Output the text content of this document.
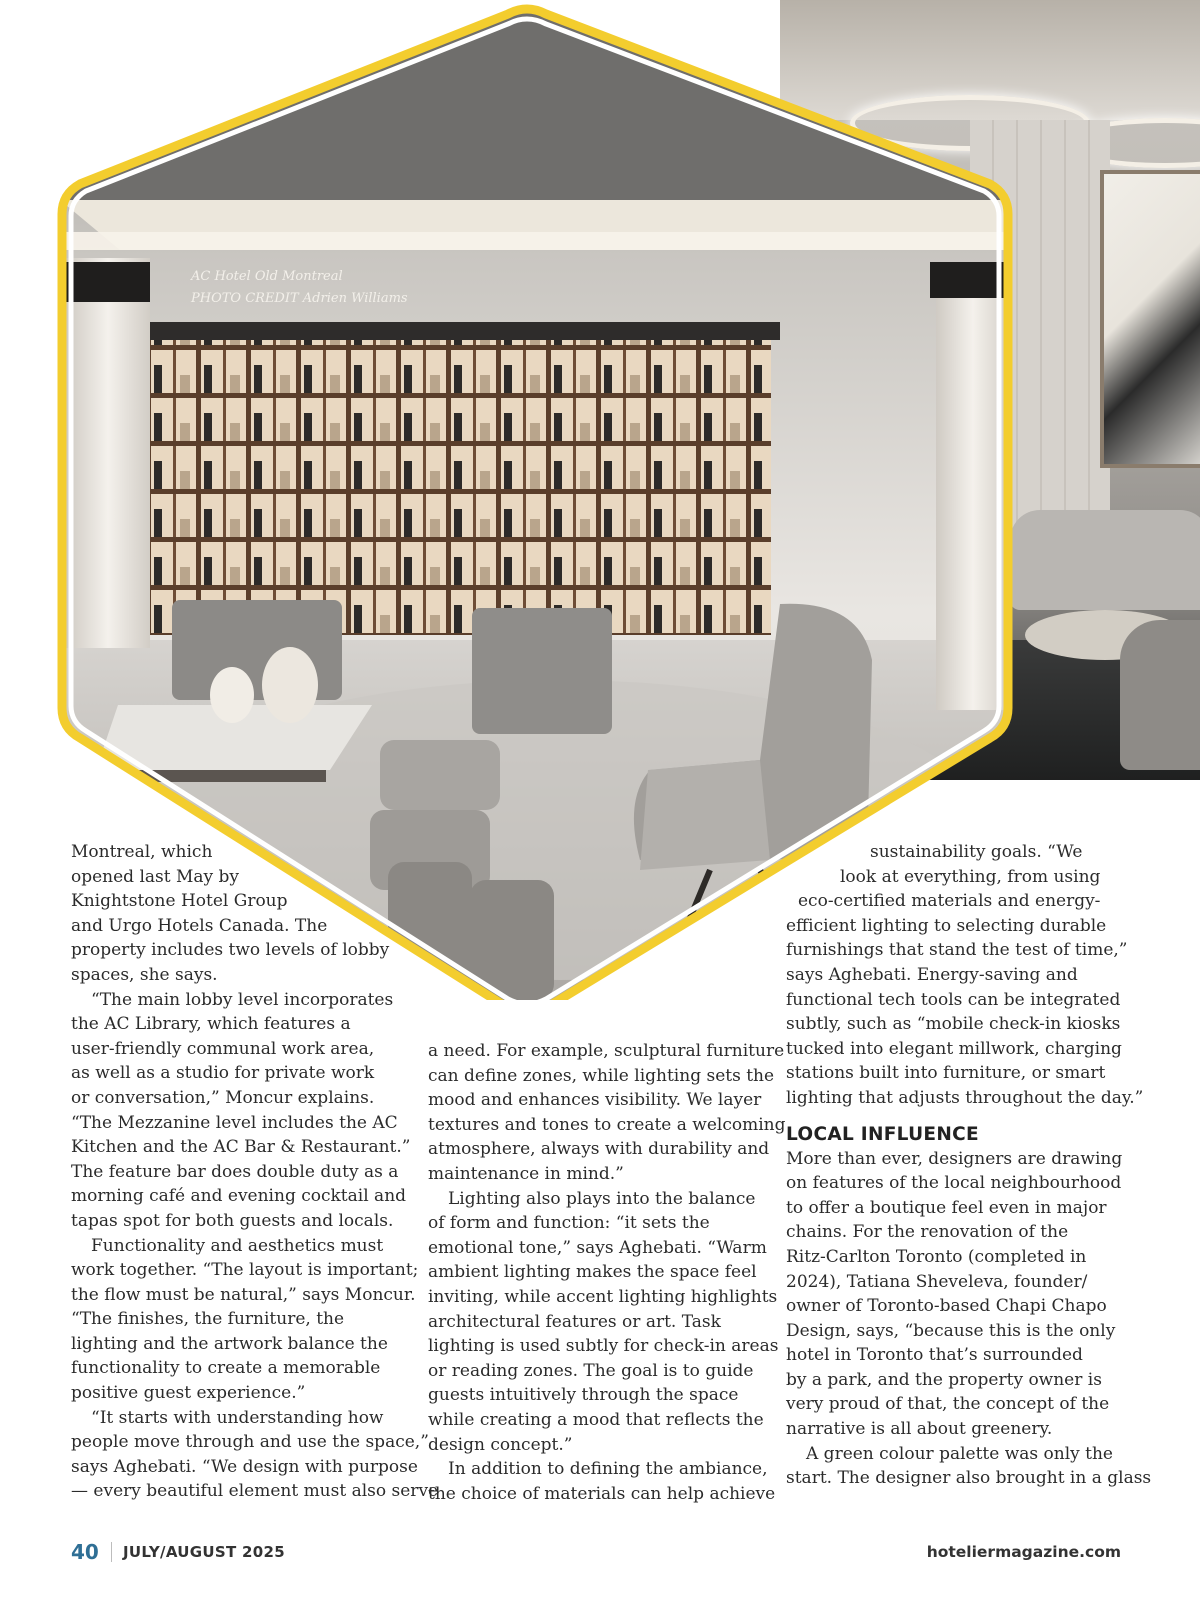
AC Hotel Old Montreal
PHOTO CREDIT Adrien Williams

Montreal, which
opened last May by
Knightstone Hotel Group
and Urgo Hotels Canada. The
property includes two levels of lobby
spaces, she says.

“The main lobby level incorporates
the AC Library, which features a
user-friendly communal work area,
as well as a studio for private work
or conversation,” Moncur explains.
“The Mezzanine level includes the AC
Kitchen and the AC Bar & Restaurant.”
The feature bar does double duty as a
morning café and evening cocktail and
tapas spot for both guests and locals.

Functionality and aesthetics must
work together. “The layout is important;
the flow must be natural,” says Moncur.
“The finishes, the furniture, the
lighting and the artwork balance the
functionality to create a memorable
positive guest experience.”

“It starts with understanding how
people move through and use the space,”
says Aghebati. “We design with purpose
— every beautiful element must also serve

a need. For example, sculptural furniture
can define zones, while lighting sets the
mood and enhances visibility. We layer
textures and tones to create a welcoming
atmosphere, always with durability and
maintenance in mind.”

Lighting also plays into the balance
of form and function: “it sets the
emotional tone,” says Aghebati. “Warm
ambient lighting makes the space feel
inviting, while accent lighting highlights
architectural features or art. Task
lighting is used subtly for check-in areas
or reading zones. The goal is to guide
guests intuitively through the space
while creating a mood that reflects the
design concept.”

In addition to defining the ambiance,
the choice of materials can help achieve

sustainability goals. “We
look at everything, from using
eco-certified materials and energy-
efficient lighting to selecting durable
furnishings that stand the test of time,”
says Aghebati. Energy-saving and
functional tech tools can be integrated
subtly, such as “mobile check-in kiosks
tucked into elegant millwork, charging
stations built into furniture, or smart
lighting that adjusts throughout the day.”

LOCAL INFLUENCE

More than ever, designers are drawing
on features of the local neighbourhood
to offer a boutique feel even in major
chains. For the renovation of the
Ritz-Carlton Toronto (completed in
2024), Tatiana Sheveleva, founder/
owner of Toronto-based Chapi Chapo
Design, says, “because this is the only
hotel in Toronto that’s surrounded
by a park, and the property owner is
very proud of that, the concept of the
narrative is all about greenery.

A green colour palette was only the
start. The designer also brought in a glass

40 JULY/AUGUST 2025	hoteliermagazine.com
